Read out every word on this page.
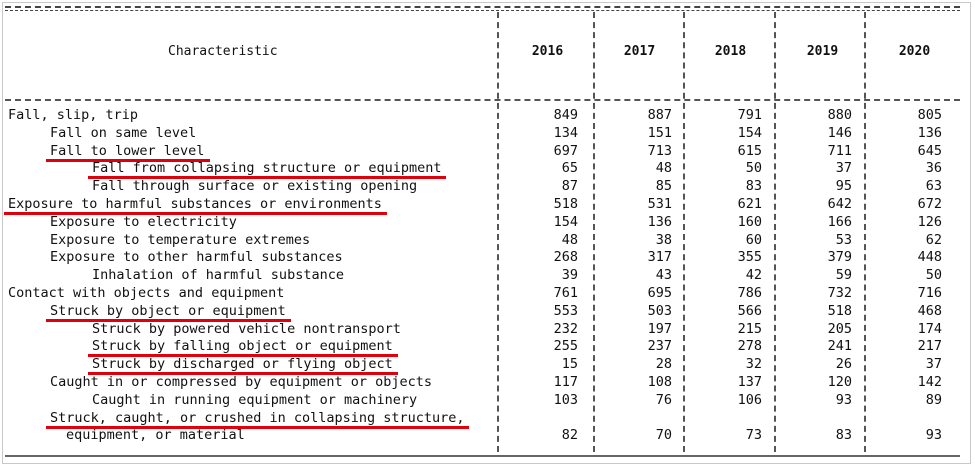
Characteristic	2016	2017	2018	2019	2020
Fall, slip, trip	849	887	791	880	805
Fall on same level	134	151	154	146	136
Fall to lower level	697	713	615	711	645
Fall from collapsing structure or equipment	65	48	50	37	36
Fall through surface or existing opening	87	85	83	95	63
Exposure to harmful substances or environments	518	531	621	642	672
Exposure to electricity	154	136	160	166	126
Exposure to temperature extremes	48	38	60	53	62
Exposure to other harmful substances	268	317	355	379	448
Inhalation of harmful substance	39	43	42	59	50
Contact with objects and equipment	761	695	786	732	716
Struck by object or equipment	553	503	566	518	468
Struck by powered vehicle nontransport	232	197	215	205	174
Struck by falling object or equipment	255	237	278	241	217
Struck by discharged or flying object	15	28	32	26	37
Caught in or compressed by equipment or objects	117	108	137	120	142
Caught in running equipment or machinery	103	76	106	93	89
Struck, caught, or crushed in collapsing structure,
equipment, or material	82	70	73	83	93
